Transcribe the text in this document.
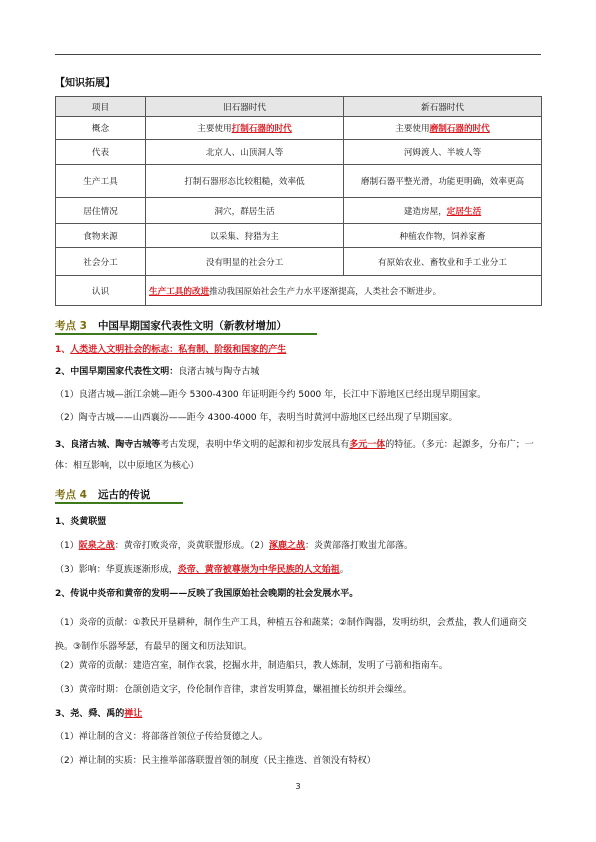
【知识拓展】
项目	旧石器时代	新石器时代
概念	主要使用打制石器的时代	主要使用磨制石器的时代
代表	北京人、山顶洞人等	河姆渡人、半坡人等
生产工具	打制石器形态比较粗糙，效率低	磨制石器平整光滑，功能更明确，效率更高
居住情况	洞穴，群居生活	建造房屋，定居生活
食物来源	以采集、狩猎为主	种植农作物，饲养家畜
社会分工	没有明显的社会分工	有原始农业、畜牧业和手工业分工
认识	生产工具的改进推动我国原始社会生产力水平逐渐提高，人类社会不断进步。	
考点 3 中国早期国家代表性文明（新教材增加）
1、人类进入文明社会的标志：私有制、阶级和国家的产生
2、中国早期国家代表性文明：良渚古城与陶寺古城
（1）良渚古城—浙江余姚—距今 5300-4300 年证明距今约 5000 年，长江中下游地区已经出现早期国家。
（2）陶寺古城——山西襄汾——距今 4300-4000 年，表明当时黄河中游地区已经出现了早期国家。
3、良渚古城、陶寺古城等考古发现，表明中华文明的起源和初步发展具有多元一体的特征。（多元：起源多，分布广；一体：相互影响，以中原地区为核心）
考点 4 远古的传说
1、炎黄联盟
（1）阪泉之战：黄帝打败炎帝，炎黄联盟形成。（2）涿鹿之战：炎黄部落打败蚩尤部落。
（3）影响：华夏族逐渐形成，炎帝、黄帝被尊崇为中华民族的人文始祖。
2、传说中炎帝和黄帝的发明——反映了我国原始社会晚期的社会发展水平。
（1）炎帝的贡献：①教民开垦耕种，制作生产工具，种植五谷和蔬菜；②制作陶器，发明纺织，会煮盐，教人们通商交换。③制作乐器琴瑟，有最早的图文和历法知识。
（2）黄帝的贡献：建造宫室，制作衣裳，挖掘水井，制造船只，教人炼制，发明了弓箭和指南车。
（3）黄帝时期：仓颉创造文字，伶伦制作音律，隶首发明算盘，嫘祖擅长纺织并会缫丝。
3、尧、舜、禹的禅让
（1）禅让制的含义：将部落首领位子传给贤德之人。
（2）禅让制的实质：民主推举部落联盟首领的制度（民主推选、首领没有特权）
3
